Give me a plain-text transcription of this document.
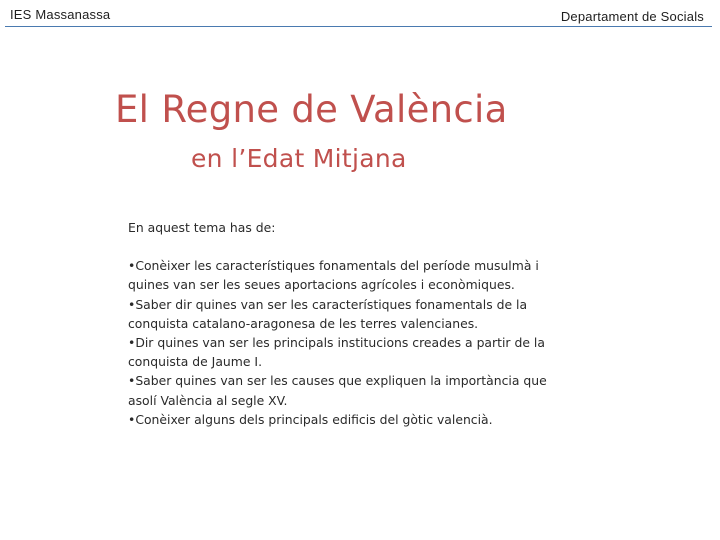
IES Massanassa	Departament de Socials
El Regne de València
en l’Edat Mitjana

En aquest tema has de:

•Conèixer les característiques fonamentals del període musulmà i quines van ser les seues aportacions agrícoles i econòmiques.
•Saber dir quines van ser les característiques fonamentals de la conquista catalano-aragonesa de les terres valencianes.
•Dir quines van ser les principals institucions creades a partir de la conquista de Jaume I.
•Saber quines van ser les causes que expliquen la importància que asolí València al segle XV.
•Conèixer alguns dels principals edificis del gòtic valencià.
